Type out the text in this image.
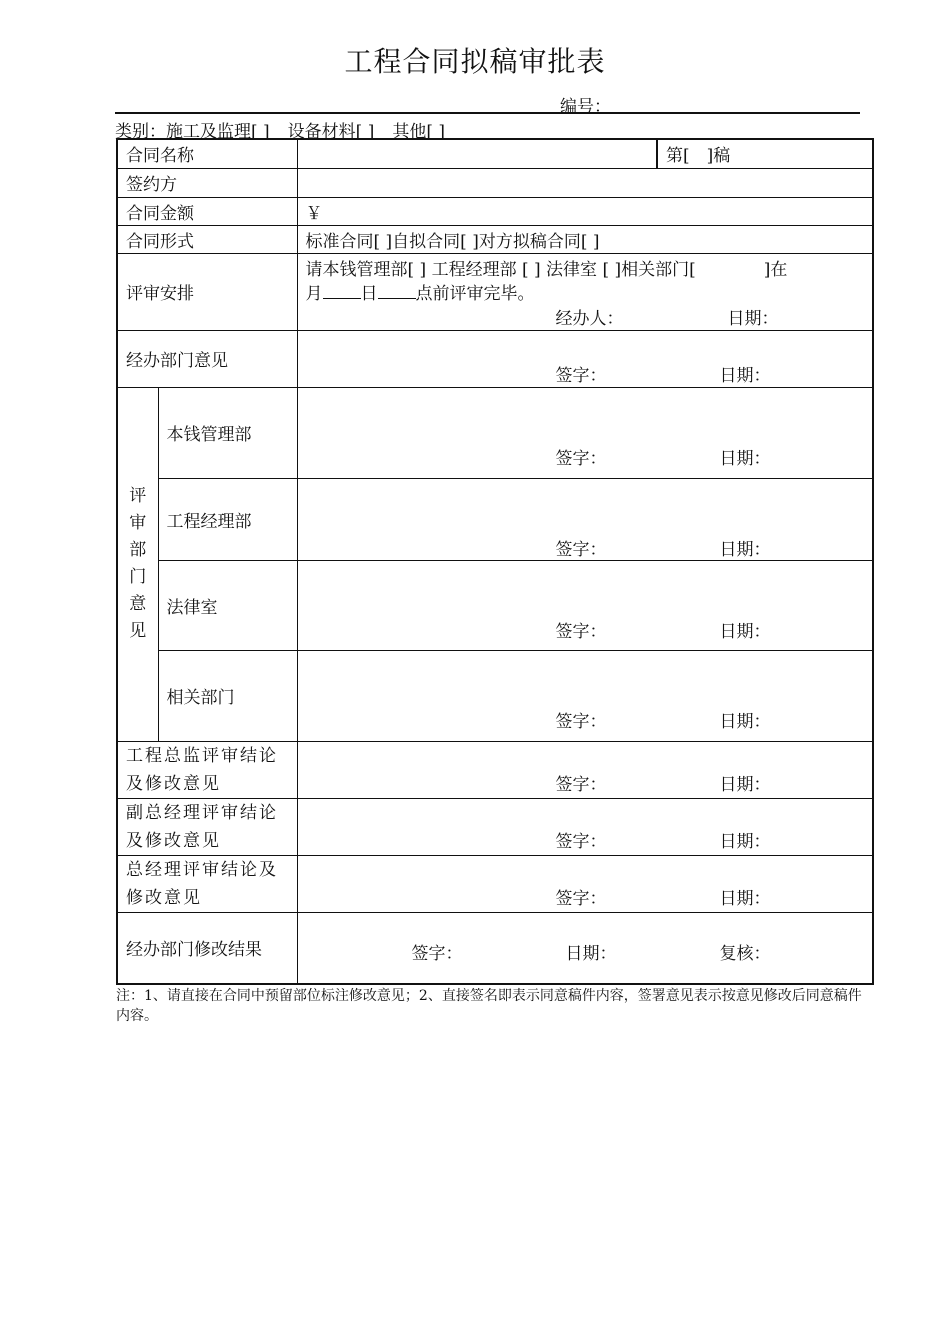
工程合同拟稿审批表
编号：
类别：施工及监理[ ] 设备材料[ ] 其他[ ]
合同名称			第[　]稿
签约方			
合同金额		￥	
合同形式		标准合同[ ]自拟合同[ ]对方拟稿合同[ ]	
评审安排		请本钱管理部[ ] 工程经理部 [ ] 法律室 [ ]相关部门[　　　　]在
月 日 点前评审完毕。
经办人： 日期：	

经办部门意见		签字： 日期：	

评审部门意见	本钱管理部	签字： 日期：	

	工程经理部	签字： 日期：	

	法律室	签字： 日期：	

	相关部门	签字： 日期：	

工程总监评审结论及修改意见		签字： 日期：	

副总经理评审结论及修改意见		签字： 日期：	

总经理评审结论及修改意见		签字： 日期：	

经办部门修改结果		签字： 日期： 复核：	
注：1、请直接在合同中预留部位标注修改意见；2、直接签名即表示同意稿件内容，签署意见表示按意见修改后同意稿件内容。
